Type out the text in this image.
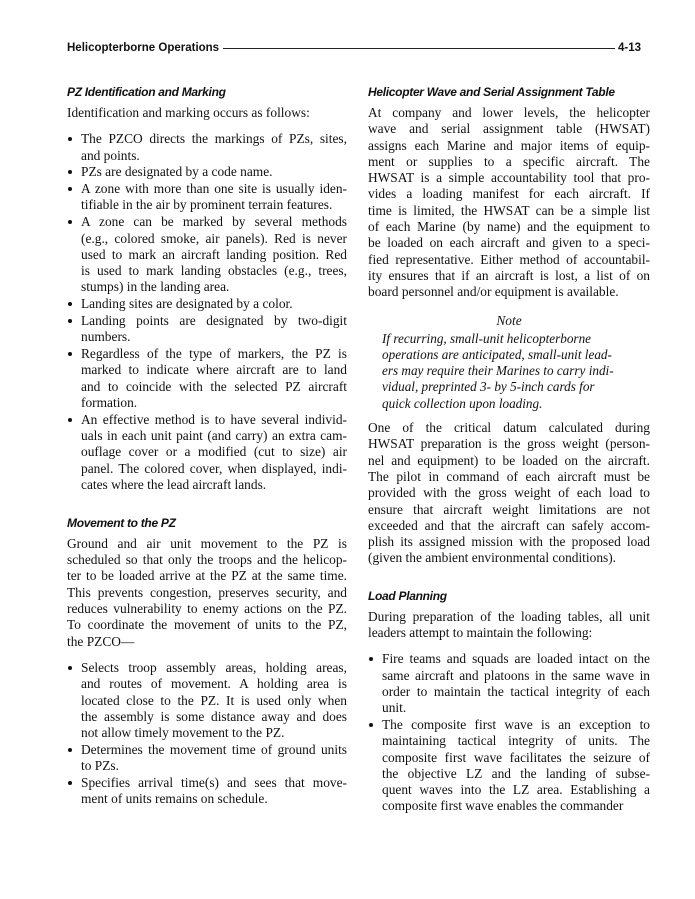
Helicopterborne Operations	4-13
PZ Identification and Marking
Identification and marking occurs as follows:
The PZCO directs the markings of PZs, sites,
and points.
PZs are designated by a code name.
A zone with more than one site is usually iden-
tifiable in the air by prominent terrain features.
A zone can be marked by several methods
(e.g., colored smoke, air panels). Red is never
used to mark an aircraft landing position. Red
is used to mark landing obstacles (e.g., trees,
stumps) in the landing area.
Landing sites are designated by a color.
Landing points are designated by two-digit
numbers.
Regardless of the type of markers, the PZ is
marked to indicate where aircraft are to land
and to coincide with the selected PZ aircraft
formation.
An effective method is to have several individ-
uals in each unit paint (and carry) an extra cam-
ouflage cover or a modified (cut to size) air
panel. The colored cover, when displayed, indi-
cates where the lead aircraft lands.
Movement to the PZ
Ground and air unit movement to the PZ is
scheduled so that only the troops and the helicop-
ter to be loaded arrive at the PZ at the same time.
This prevents congestion, preserves security, and
reduces vulnerability to enemy actions on the PZ.
To coordinate the movement of units to the PZ,
the PZCO—
Selects troop assembly areas, holding areas,
and routes of movement. A holding area is
located close to the PZ. It is used only when
the assembly is some distance away and does
not allow timely movement to the PZ.
Determines the movement time of ground units
to PZs.
Specifies arrival time(s) and sees that move-
ment of units remains on schedule.
Helicopter Wave and Serial Assignment Table
At company and lower levels, the helicopter
wave and serial assignment table (HWSAT)
assigns each Marine and major items of equip-
ment or supplies to a specific aircraft. The
HWSAT is a simple accountability tool that pro-
vides a loading manifest for each aircraft. If
time is limited, the HWSAT can be a simple list
of each Marine (by name) and the equipment to
be loaded on each aircraft and given to a speci-
fied representative. Either method of accountabil-
ity ensures that if an aircraft is lost, a list of on
board personnel and/or equipment is available.
Note
If recurring, small-unit helicopterborne
operations are anticipated, small-unit lead-
ers may require their Marines to carry indi-
vidual, preprinted 3- by 5-inch cards for
quick collection upon loading.
One of the critical datum calculated during
HWSAT preparation is the gross weight (person-
nel and equipment) to be loaded on the aircraft.
The pilot in command of each aircraft must be
provided with the gross weight of each load to
ensure that aircraft weight limitations are not
exceeded and that the aircraft can safely accom-
plish its assigned mission with the proposed load
(given the ambient environmental conditions).
Load Planning
During preparation of the loading tables, all unit
leaders attempt to maintain the following:
Fire teams and squads are loaded intact on the
same aircraft and platoons in the same wave in
order to maintain the tactical integrity of each
unit.
The composite first wave is an exception to
maintaining tactical integrity of units. The
composite first wave facilitates the seizure of
the objective LZ and the landing of subse-
quent waves into the LZ area. Establishing a
composite first wave enables the commander
